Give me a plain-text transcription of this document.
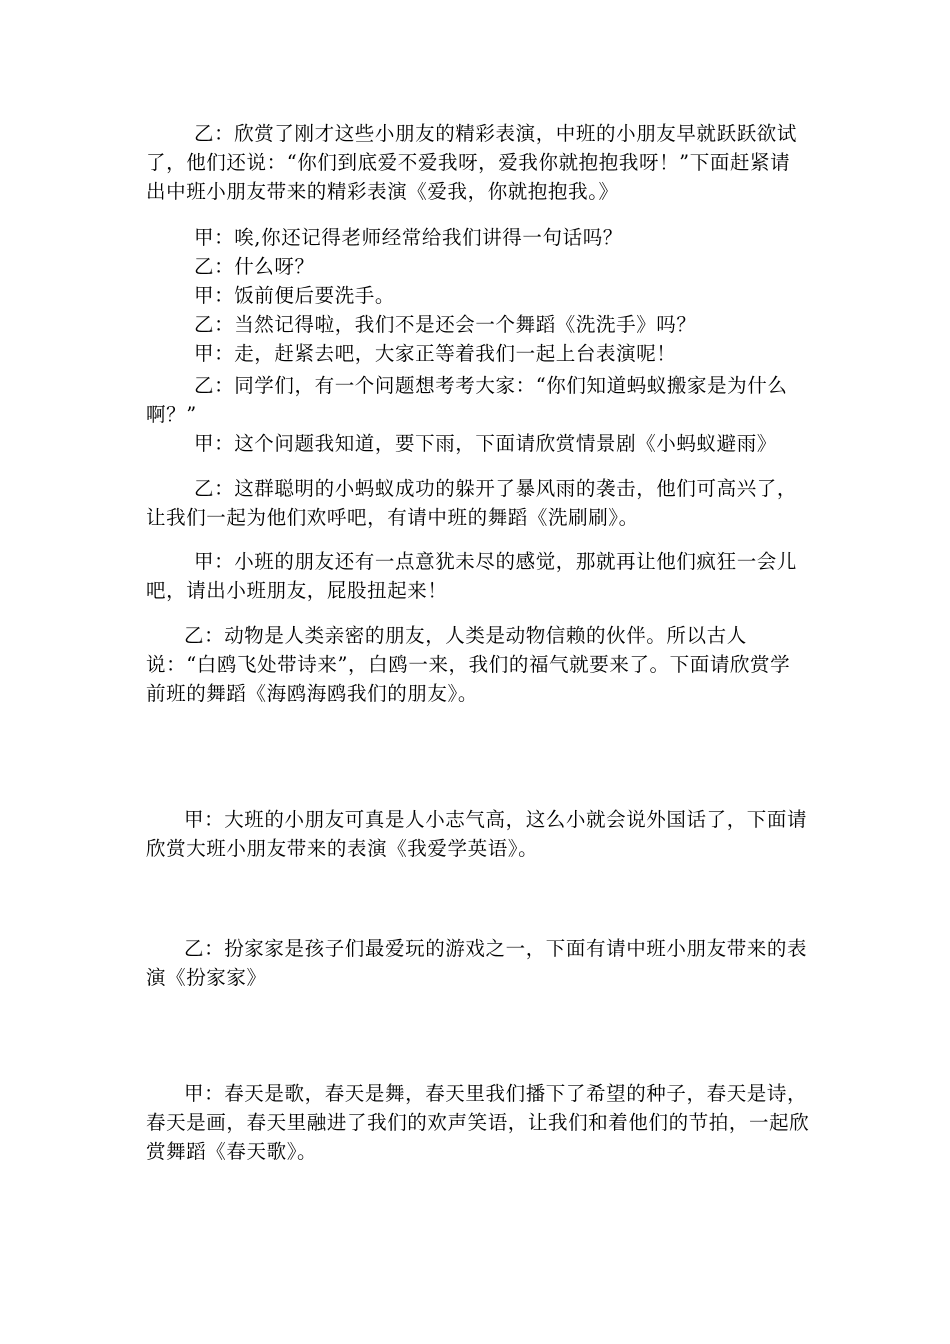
乙：欣赏了刚才这些小朋友的精彩表演，中班的小朋友早就跃跃欲试了，他们还说：“你们到底爱不爱我呀，爱我你就抱抱我呀！”下面赶紧请出中班小朋友带来的精彩表演《爱我，你就抱抱我。》

甲：唉,你还记得老师经常给我们讲得一句话吗？
乙：什么呀？
甲：饭前便后要洗手。
乙：当然记得啦，我们不是还会一个舞蹈《洗洗手》吗？
甲：走，赶紧去吧，大家正等着我们一起上台表演呢！
乙：同学们，有一个问题想考考大家：“你们知道蚂蚁搬家是为什么啊？”
甲：这个问题我知道，要下雨，下面请欣赏情景剧《小蚂蚁避雨》

乙：这群聪明的小蚂蚁成功的躲开了暴风雨的袭击，他们可高兴了，让我们一起为他们欢呼吧，有请中班的舞蹈《洗刷刷》。

甲：小班的朋友还有一点意犹未尽的感觉，那就再让他们疯狂一会儿吧，请出小班朋友，屁股扭起来！

乙：动物是人类亲密的朋友，人类是动物信赖的伙伴。所以古人说：“白鸥飞处带诗来”，白鸥一来，我们的福气就要来了。下面请欣赏学前班的舞蹈《海鸥海鸥我们的朋友》。

甲：大班的小朋友可真是人小志气高，这么小就会说外国话了，下面请欣赏大班小朋友带来的表演《我爱学英语》。

乙：扮家家是孩子们最爱玩的游戏之一，下面有请中班小朋友带来的表演《扮家家》

甲：春天是歌，春天是舞，春天里我们播下了希望的种子，春天是诗，春天是画，春天里融进了我们的欢声笑语，让我们和着他们的节拍，一起欣赏舞蹈《春天歌》。
